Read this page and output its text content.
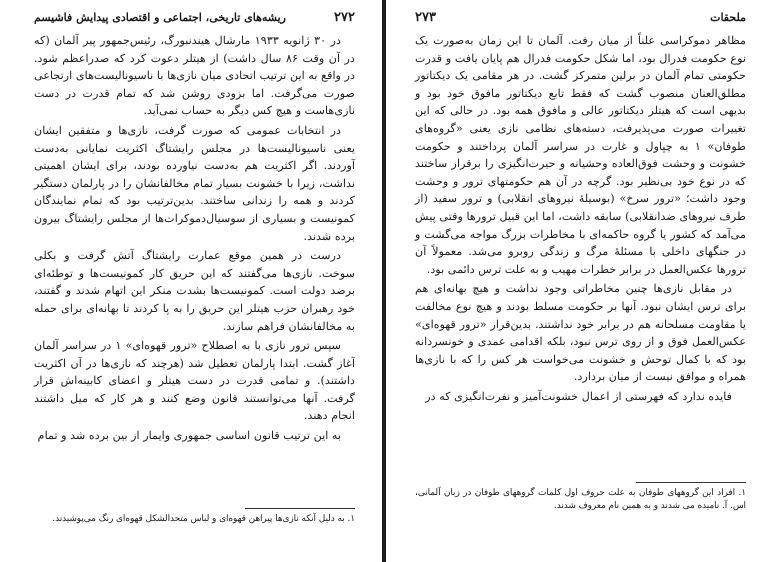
۲۷۲
ریشه‌های تاریخی، اجتماعی و اقتصادی پیدایش فاشیسم

در ۳۰ ژانویه ۱۹۳۳ مارشال هیندنبورگ، رئیس‌جمهور پیر آلمان (که در آن وقت ۸۶ سال داشت) از هیتلر دعوت کرد که صدراعظم شود. در واقع به این ترتیب اتحادی میان نازی‌ها با ناسیونالیست‌های ارتجاعی صورت می‌گرفت. اما بزودی روشن شد که تمام قدرت در دست نازی‌هاست و هیچ کس دیگر به حساب نمی‌آید.

در انتخابات عمومی که صورت گرفت، نازی‌ها و متفقین ایشان یعنی ناسیونالیست‌ها در مجلس رایشتاگ اکثریت نمایانی به‌دست آوردند. اگر اکثریت هم به‌دست نیاورده بودند، برای ایشان اهمیتی نداشت، زیرا با خشونت بسیار تمام مخالفانشان را در پارلمان دستگیر کردند و همه را زندانی ساختند. بدین‌ترتیب بود که تمام نمایندگان کمونیست و بسیاری از سوسیال‌دموکرات‌ها از مجلس رایشتاگ بیرون برده شدند.

درست در همین موقع عمارت رایشتاگ آتش گرفت و بکلی سوخت. نازی‌ها می‌گفتند که این حریق کار کمونیست‌ها و توطئه‌ای برضد دولت است. کمونیست‌ها بشدت منکر این اتهام شدند و گفتند، خود رهبران حزب هیتلر این حریق را به پا کردند تا بهانه‌ای برای حمله به مخالفانشان فراهم سازند.

سپس ترور نازی با به اصطلاح «ترور قهوه‌ای» ۱ در سراسر آلمان آغاز گشت. ابتدا پارلمان تعطیل شد (هرچند که نازی‌ها در آن اکثریت داشتند). و تمامی قدرت در دست هیتلر و اعضای کابینه‌اش قرار گرفت. آنها می‌توانستند قانون وضع کنند و هر کار که میل داشتند انجام دهند.

به این ترتیب قانون اساسی جمهوری وایمار از بین برده شد و تمام

۱. به دلیل آنکه نازی‌ها پیراهن قهوه‌ای و لباس متحدالشکل قهوه‌ای رنگ می‌پوشیدند.
ملحقات
۲۷۳

مظاهر دموکراسی علناً از میان رفت. آلمان تا این زمان به‌صورت یک نوع حکومت فدرال بود، اما شکل حکومت فدرال هم پایان یافت و قدرت حکومتی تمام آلمان در برلین متمرکز گشت. در هر مقامی یک دیکتاتور مطلق‌العنان منصوب گشت که فقط تابع دیکتاتور مافوق خود بود و بدیهی است که هیتلر دیکتاتور عالی و مافوق همه بود. در حالی که این تغییرات صورت می‌پذیرفت، دسته‌های نظامی نازی یعنی «گروه‌های طوفان» ۱ به چپاول و غارت در سراسر آلمان پرداختند و حکومت خشونت و وحشت فوق‌العاده وحشیانه و حیرت‌انگیزی را برقرار ساختند که در نوع خود بی‌نظیر بود. گرچه در آن هم حکومتهای ترور و وحشت وجود داشت؛ «ترور سرخ» (بوسیلهٔ نیروهای انقلابی) و ترور سفید (از طرف نیروهای ضدانقلابی) سابقه داشت، اما این قبیل ترورها وقتی پیش می‌آمد که کشور یا گروه حاکمه‌ای با مخاطرات بزرگ مواجه می‌گشت و در جنگهای داخلی با مسئلهٔ مرگ و زندگی روبرو می‌شد. معمولاً آن ترورها عکس‌العمل در برابر خطرات مهیب و به علت ترس دائمی بود.

در مقابل نازی‌ها چنین مخاطراتی وجود نداشت و هیچ بهانه‌ای هم برای ترس ایشان نبود. آنها بر حکومت مسلط بودند و هیچ نوع مخالفت یا مقاومت مسلحانه هم در برابر خود نداشتند. بدین‌قرار «ترور قهوه‌ای» عکس‌العمل فوق و از روی ترس نبود، بلکه اقدامی عمدی و خونسردانه بود که با کمال توحش و خشونت می‌خواست هر کس را که با نازی‌ها همراه و موافق نیست از میان بردارد.

فایده ندارد که فهرستی از اعمال خشونت‌آمیز و نفرت‌انگیزی که در

۱. افراد این گروههای طوفان به علت حروف اول کلمات گروههای طوفان در زبان آلمانی، اس. آ. نامیده می شدند و به همین نام معروف شدند.
